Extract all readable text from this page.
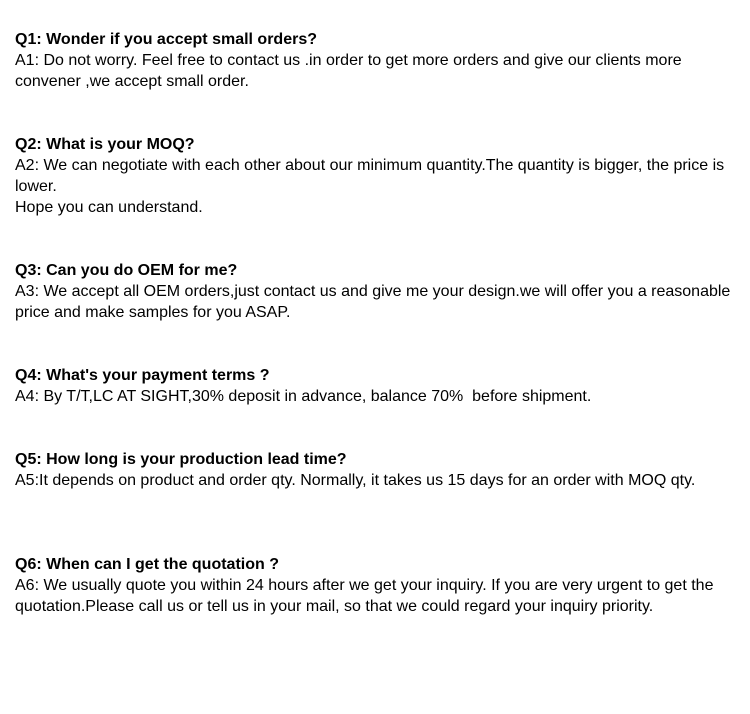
Q1: Wonder if you accept small orders?
A1: Do not worry. Feel free to contact us .in order to get more orders and give our clients more convener ,we accept small order.
Q2: What is your MOQ?
A2: We can negotiate with each other about our minimum quantity.The quantity is bigger, the price is lower.
Hope you can understand.
Q3: Can you do OEM for me?
A3: We accept all OEM orders,just contact us and give me your design.we will offer you a reasonable price and make samples for you ASAP.
Q4: What's your payment terms ?
A4: By T/T,LC AT SIGHT,30% deposit in advance, balance 70%  before shipment.
Q5: How long is your production lead time?
A5:It depends on product and order qty. Normally, it takes us 15 days for an order with MOQ qty.
Q6: When can I get the quotation ?
A6: We usually quote you within 24 hours after we get your inquiry. If you are very urgent to get the quotation.Please call us or tell us in your mail, so that we could regard your inquiry priority.
